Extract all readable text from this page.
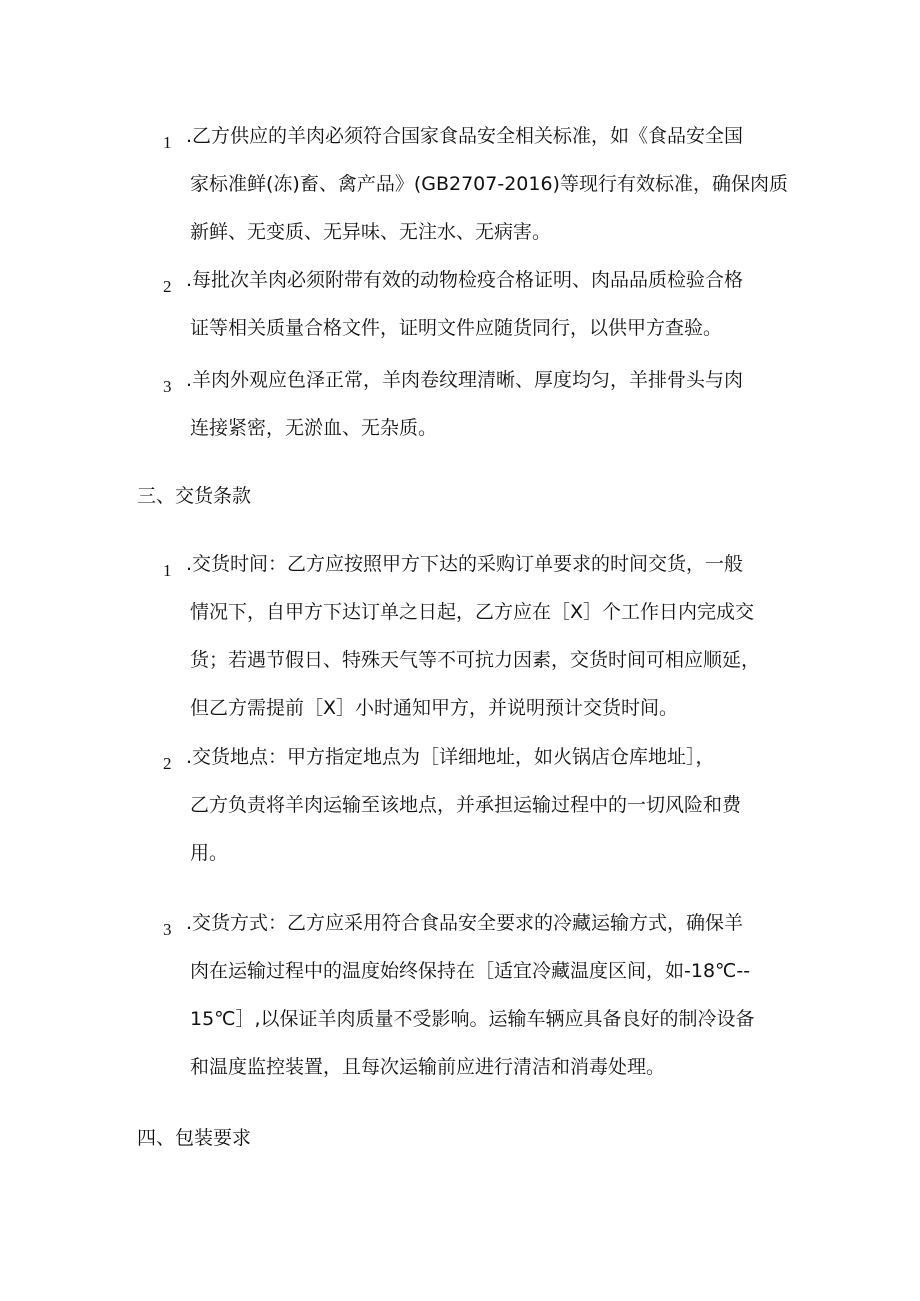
1 .乙方供应的羊肉必须符合国家食品安全相关标准，如《食品安全国
家标准鲜(冻)畜、禽产品》(GB2707-2016)等现行有效标准，确保肉质
新鲜、无变质、无异味、无注水、无病害。
2 .每批次羊肉必须附带有效的动物检疫合格证明、肉品品质检验合格
证等相关质量合格文件，证明文件应随货同行，以供甲方查验。
3 .羊肉外观应色泽正常，羊肉卷纹理清晰、厚度均匀，羊排骨头与肉
连接紧密，无淤血、无杂质。
三、交货条款
1 .交货时间：乙方应按照甲方下达的采购订单要求的时间交货，一般
情况下，自甲方下达订单之日起，乙方应在［X］个工作日内完成交
货；若遇节假日、特殊天气等不可抗力因素，交货时间可相应顺延，
但乙方需提前［X］小时通知甲方，并说明预计交货时间。
2 .交货地点：甲方指定地点为［详细地址，如火锅店仓库地址］，
乙方负责将羊肉运输至该地点，并承担运输过程中的一切风险和费
用。
3 .交货方式：乙方应采用符合食品安全要求的冷藏运输方式，确保羊
肉在运输过程中的温度始终保持在［适宜冷藏温度区间，如-18℃--
15℃］,以保证羊肉质量不受影响。运输车辆应具备良好的制冷设备
和温度监控装置，且每次运输前应进行清洁和消毒处理。
四、包装要求
